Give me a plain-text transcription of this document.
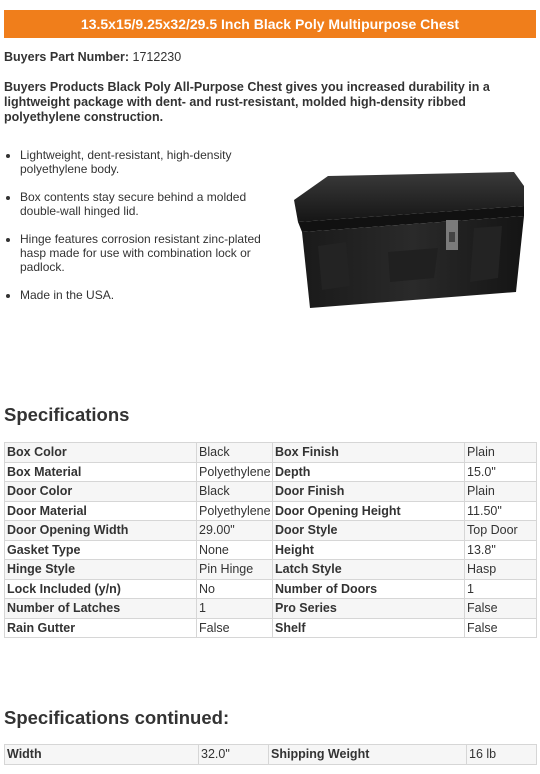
13.5x15/9.25x32/29.5 Inch Black Poly Multipurpose Chest
Buyers Part Number: 1712230
Buyers Products Black Poly All-Purpose Chest gives you increased durability in a lightweight package with dent- and rust-resistant, molded high-density ribbed polyethylene construction.
• Lightweight, dent-resistant, high-density polyethylene body.
• Box contents stay secure behind a molded double-wall hinged lid.
• Hinge features corrosion resistant zinc-plated hasp made for use with combination lock or padlock.
• Made in the USA.
Specifications
Box Color	Black	Box Finish	Plain
Box Material	Polyethylene	Depth	15.0"
Door Color	Black	Door Finish	Plain
Door Material	Polyethylene	Door Opening Height	11.50"
Door Opening Width	29.00"	Door Style	Top Door
Gasket Type	None	Height	13.8"
Hinge Style	Pin Hinge	Latch Style	Hasp
Lock Included (y/n)	No	Number of Doors	1
Number of Latches	1	Pro Series	False
Rain Gutter	False	Shelf	False
Specifications continued:
Width	32.0"	Shipping Weight	16 lb
